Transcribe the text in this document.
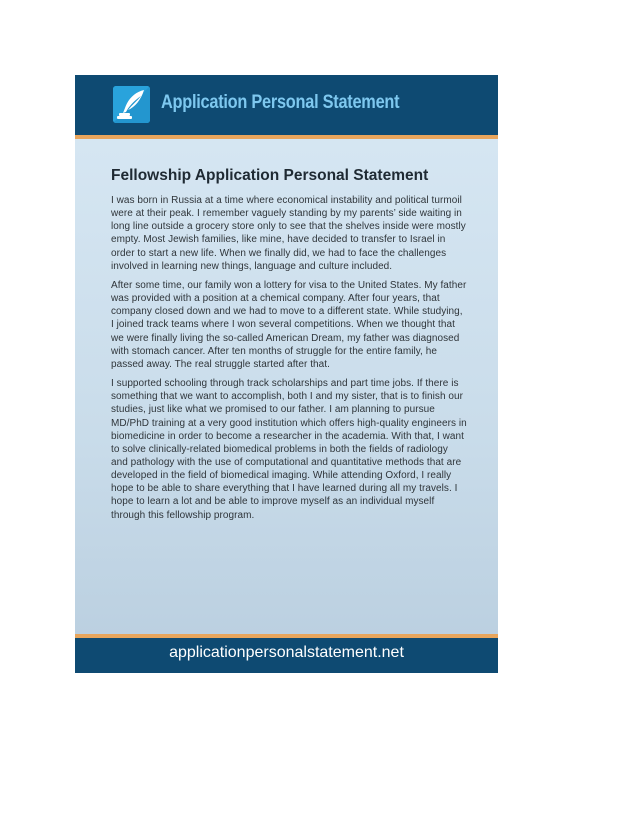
Application Personal Statement
Fellowship Application Personal Statement

I was born in Russia at a time where economical instability and political turmoil were at their peak. I remember vaguely standing by my parents’ side waiting in long line outside a grocery store only to see that the shelves inside were mostly empty. Most Jewish families, like mine, have decided to transfer to Israel in order to start a new life. When we finally did, we had to face the challenges involved in learning new things, language and culture included.

After some time, our family won a lottery for visa to the United States. My father was provided with a position at a chemical company. After four years, that company closed down and we had to move to a different state. While studying, I joined track teams where I won several competitions. When we thought that we were finally living the so-called American Dream, my father was diagnosed with stomach cancer. After ten months of struggle for the entire family, he passed away. The real struggle started after that.

I supported schooling through track scholarships and part time jobs. If there is something that we want to accomplish, both I and my sister, that is to finish our studies, just like what we promised to our father. I am planning to pursue MD/PhD training at a very good institution which offers high-quality engineers in biomedicine in order to become a researcher in the academia. With that, I want to solve clinically-related biomedical problems in both the fields of radiology and pathology with the use of computational and quantitative methods that are developed in the field of biomedical imaging. While attending Oxford, I really hope to be able to share everything that I have learned during all my travels. I hope to learn a lot and be able to improve myself as an individual myself through this fellowship program.

applicationpersonalstatement.net
